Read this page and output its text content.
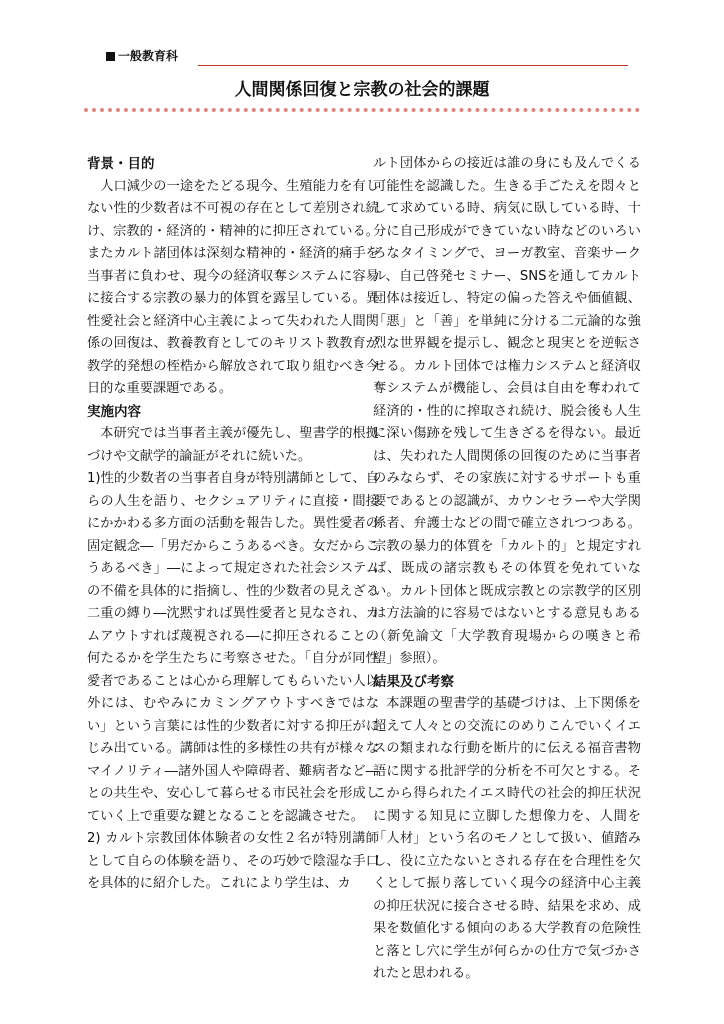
一般教育科
人間関係回復と宗教の社会的課題
背景・目的

人口減少の一途をたどる現今、生殖能力を有しない性的少数者は不可視の存在として差別され続け、宗教的・経済的・精神的に抑圧されている。またカルト諸団体は深刻な精神的・経済的痛手を当事者に負わせ、現今の経済収奪システムに容易に接合する宗教の暴力的体質を露呈している。異性愛社会と経済中心主義によって失われた人間関係の回復は、教養教育としてのキリスト教教育が教学的発想の桎梏から解放されて取り組むべき今日的な重要課題である。

実施内容

本研究では当事者主義が優先し、聖書学的根拠づけや文献学的論証がそれに続いた。

1)性的少数者の当事者自身が特別講師として、自らの人生を語り、セクシュアリティに直接・間接にかかわる多方面の活動を報告した。異性愛者の固定観念―「男だからこうあるべき。女だからこうあるべき」―によって規定された社会システムの不備を具体的に指摘し、性的少数者の見えざる二重の縛り―沈黙すれば異性愛者と見なされ、カムアウトすれば蔑視される―に抑圧されることの何たるかを学生たちに考察させた。「自分が同性愛者であることは心から理解してもらいたい人以外には、むやみにカミングアウトすべきではない」という言葉には性的少数者に対する抑圧がにじみ出ている。講師は性的多様性の共有が様々なマイノリティ―諸外国人や障碍者、難病者など―との共生や、安心して暮らせる市民社会を形成していく上で重要な鍵となることを認識させた。

2) カルト宗教団体体験者の女性２名が特別講師として自らの体験を語り、その巧妙で陰湿な手口を具体的に紹介した。これにより学生は、カ

ルト団体からの接近は誰の身にも及んでくる可能性を認識した。生きる手ごたえを悶々として求めている時、病気に臥している時、十分に自己形成ができていない時などのいろいろなタイミングで、ヨーガ教室、音楽サークル、自己啓発セミナー、SNSを通してカルト団体は接近し、特定の偏った答えや価値観、「悪」と「善」を単純に分ける二元論的な強烈な世界観を提示し、観念と現実とを逆転させる。カルト団体では権力システムと経済収奪システムが機能し、会員は自由を奪われて経済的・性的に搾取され続け、脱会後も人生に深い傷跡を残して生きざるを得ない。最近は、失われた人間関係の回復のために当事者のみならず、その家族に対するサポートも重要であるとの認識が、カウンセラーや大学関係者、弁護士などの間で確立されつつある。宗教の暴力的体質を「カルト的」と規定すれば、既成の諸宗教もその体質を免れていない。カルト団体と既成宗教との宗教学的区別は方法論的に容易ではないとする意見もある（新免論文「大学教育現場からの嘆きと希望」参照）。

結果及び考察

本課題の聖書学的基礎づけは、上下関係を超えて人々との交流にのめりこんでいくイエスの類まれな行動を断片的に伝える福音書物語に関する批評学的分析を不可欠とする。そこから得られたイエス時代の社会的抑圧状況に関する知見に立脚した想像力を、人間を「人材」という名のモノとして扱い、値踏みし、役に立たないとされる存在を合理性を欠くとして振り落していく現今の経済中心主義の抑圧状況に接合させる時、結果を求め、成果を数値化する傾向のある大学教育の危険性と落とし穴に学生が何らかの仕方で気づかされたと思われる。
